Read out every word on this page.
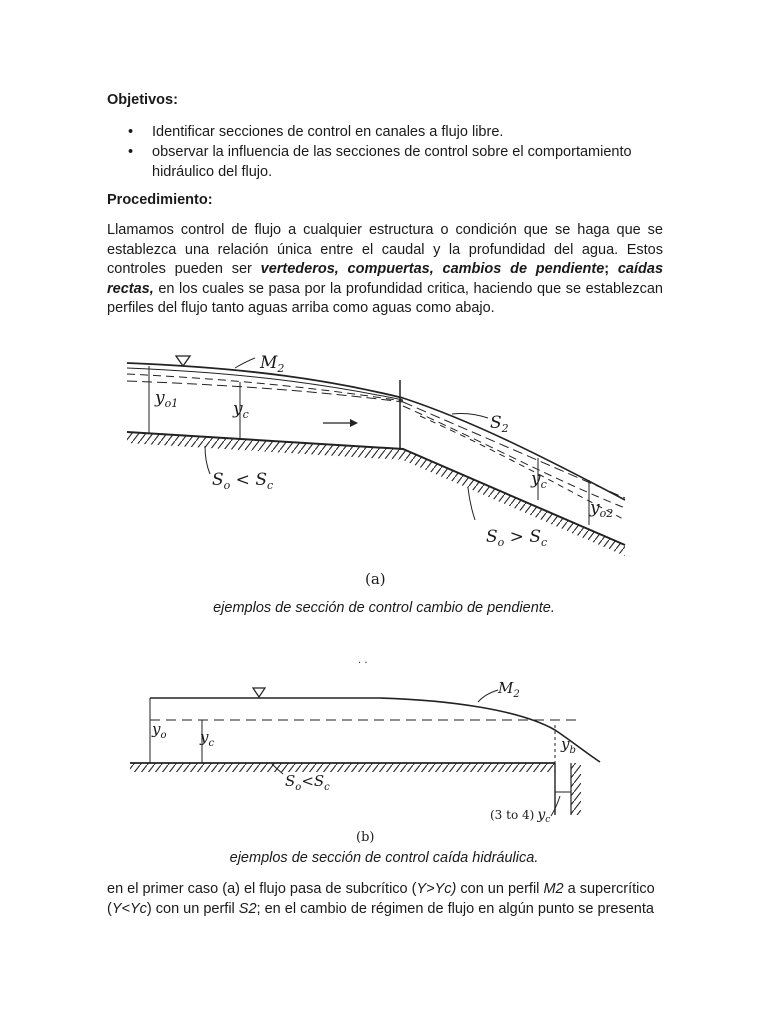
Objetivos:
• Identificar secciones de control en canales a flujo libre.
• observar la influencia de las secciones de control sobre el comportamiento
hidráulico del flujo.
Procedimiento:
Llamamos control de flujo a cualquier estructura o condición que se haga que se establezca una relación única entre el caudal y la profundidad del agua. Estos controles pueden ser vertederos, compuertas, cambios de pendiente; caídas rectas, en los cuales se pasa por la profundidad critica, haciendo que se establezcan perfiles del flujo tanto aguas arriba como aguas como abajo.
$M_2$
$S_2$
$y_{o1}$	$y_c$
$y_c$
$y_{o2}$
$S_o < S_c$
$S_o > S_c$
(a)
ejemplos de sección de control cambio de pendiente.
· ·
$M_2$
$y_o$ $y_c$	$y_b$
$S_o<S_c$
(3 to 4) $y_c$
(b)
ejemplos de sección de control caída hidráulica.
en el primer caso (a) el flujo pasa de subcrítico (Y>Yc) con un perfil M2 a supercrítico
(Y<Yc) con un perfil S2; en el cambio de régimen de flujo en algún punto se presenta
